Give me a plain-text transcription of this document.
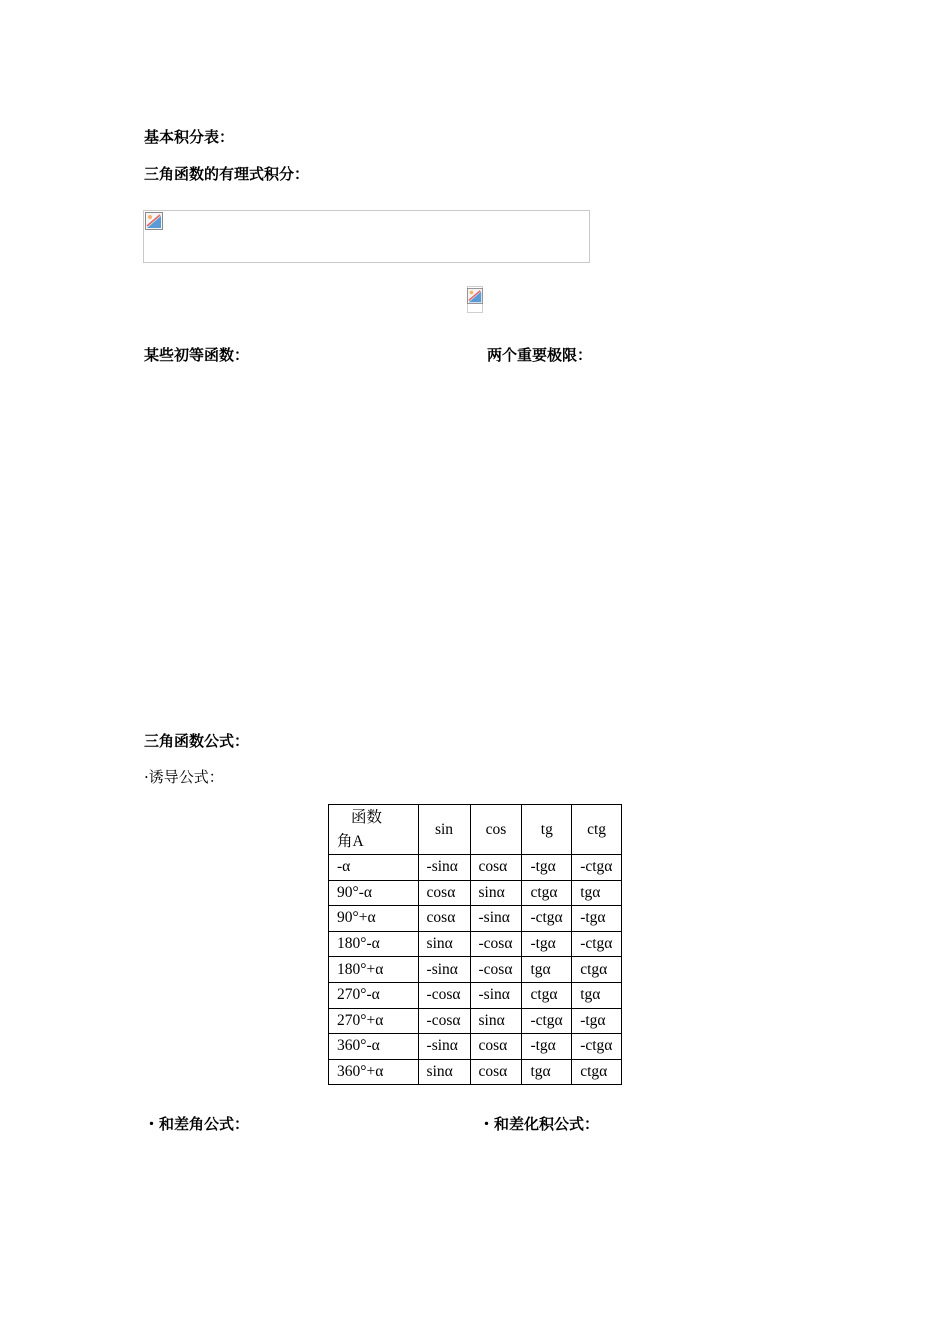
基本积分表：
三角函数的有理式积分：
某些初等函数：	两个重要极限：
三角函数公式：
·诱导公式：
函数
角A	sin	cos	tg	ctg
-α	-sinα	cosα	-tgα	-ctgα
90°-α	cosα	sinα	ctgα	tgα
90°+α	cosα	-sinα	-ctgα	-tgα
180°-α	sinα	-cosα	-tgα	-ctgα
180°+α	-sinα	-cosα	tgα	ctgα
270°-α	-cosα	-sinα	ctgα	tgα
270°+α	-cosα	sinα	-ctgα	-tgα
360°-α	-sinα	cosα	-tgα	-ctgα
360°+α	sinα	cosα	tgα	ctgα
・和差角公式：	・和差化积公式：
